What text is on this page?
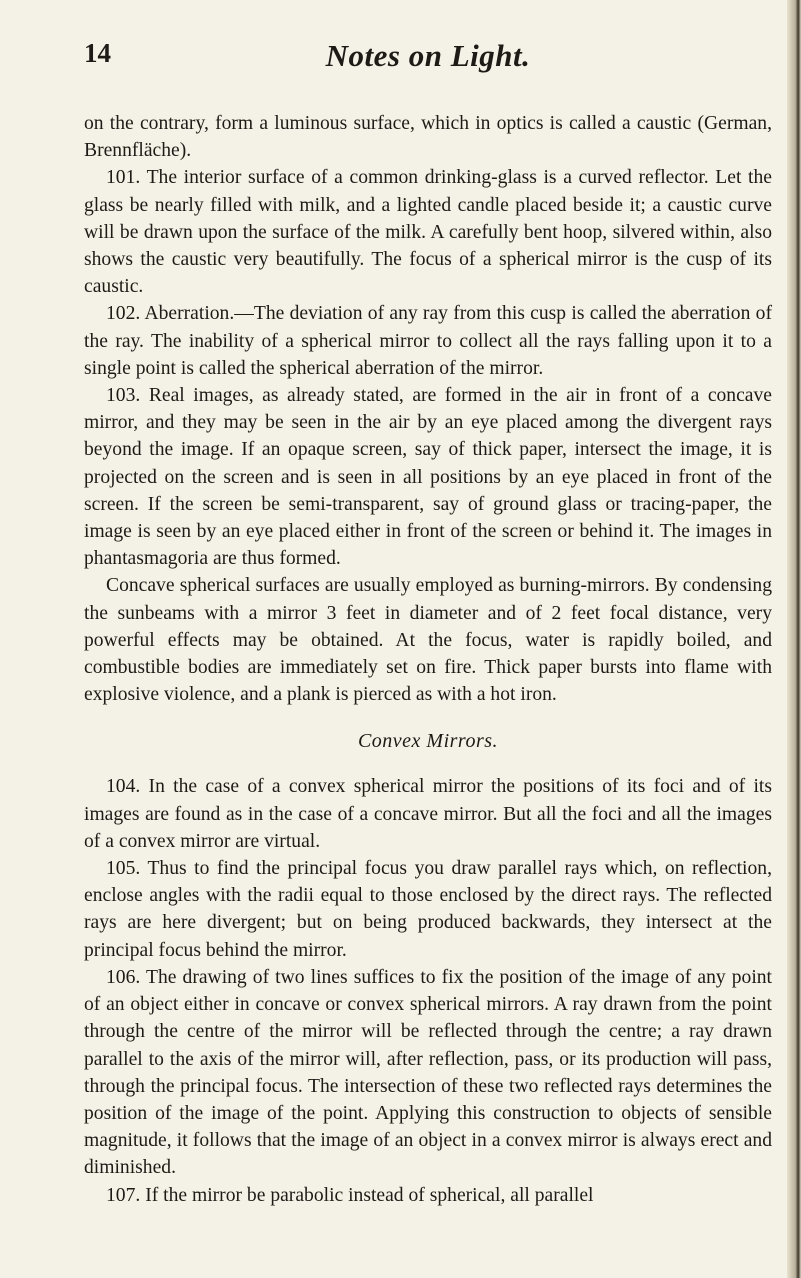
14	Notes on Light.

on the contrary, form a luminous surface, which in optics is called a caustic (German, Brennfläche).

101. The interior surface of a common drinking-glass is a curved reflector. Let the glass be nearly filled with milk, and a lighted candle placed beside it; a caustic curve will be drawn upon the surface of the milk. A carefully bent hoop, silvered within, also shows the caustic very beautifully. The focus of a spherical mirror is the cusp of its caustic.

102. Aberration.—The deviation of any ray from this cusp is called the aberration of the ray. The inability of a spherical mirror to collect all the rays falling upon it to a single point is called the spherical aberration of the mirror.

103. Real images, as already stated, are formed in the air in front of a concave mirror, and they may be seen in the air by an eye placed among the divergent rays beyond the image. If an opaque screen, say of thick paper, intersect the image, it is projected on the screen and is seen in all positions by an eye placed in front of the screen. If the screen be semi-transparent, say of ground glass or tracing-paper, the image is seen by an eye placed either in front of the screen or behind it. The images in phantasmagoria are thus formed.

Concave spherical surfaces are usually employed as burning-mirrors. By condensing the sunbeams with a mirror 3 feet in diameter and of 2 feet focal distance, very powerful effects may be obtained. At the focus, water is rapidly boiled, and combustible bodies are immediately set on fire. Thick paper bursts into flame with explosive violence, and a plank is pierced as with a hot iron.

Convex Mirrors.

104. In the case of a convex spherical mirror the positions of its foci and of its images are found as in the case of a concave mirror. But all the foci and all the images of a convex mirror are virtual.

105. Thus to find the principal focus you draw parallel rays which, on reflection, enclose angles with the radii equal to those enclosed by the direct rays. The reflected rays are here divergent; but on being produced backwards, they intersect at the principal focus behind the mirror.

106. The drawing of two lines suffices to fix the position of the image of any point of an object either in concave or convex spherical mirrors. A ray drawn from the point through the centre of the mirror will be reflected through the centre; a ray drawn parallel to the axis of the mirror will, after reflection, pass, or its production will pass, through the principal focus. The intersection of these two reflected rays determines the position of the image of the point. Applying this construction to objects of sensible magnitude, it follows that the image of an object in a convex mirror is always erect and diminished.

107. If the mirror be parabolic instead of spherical, all parallel
